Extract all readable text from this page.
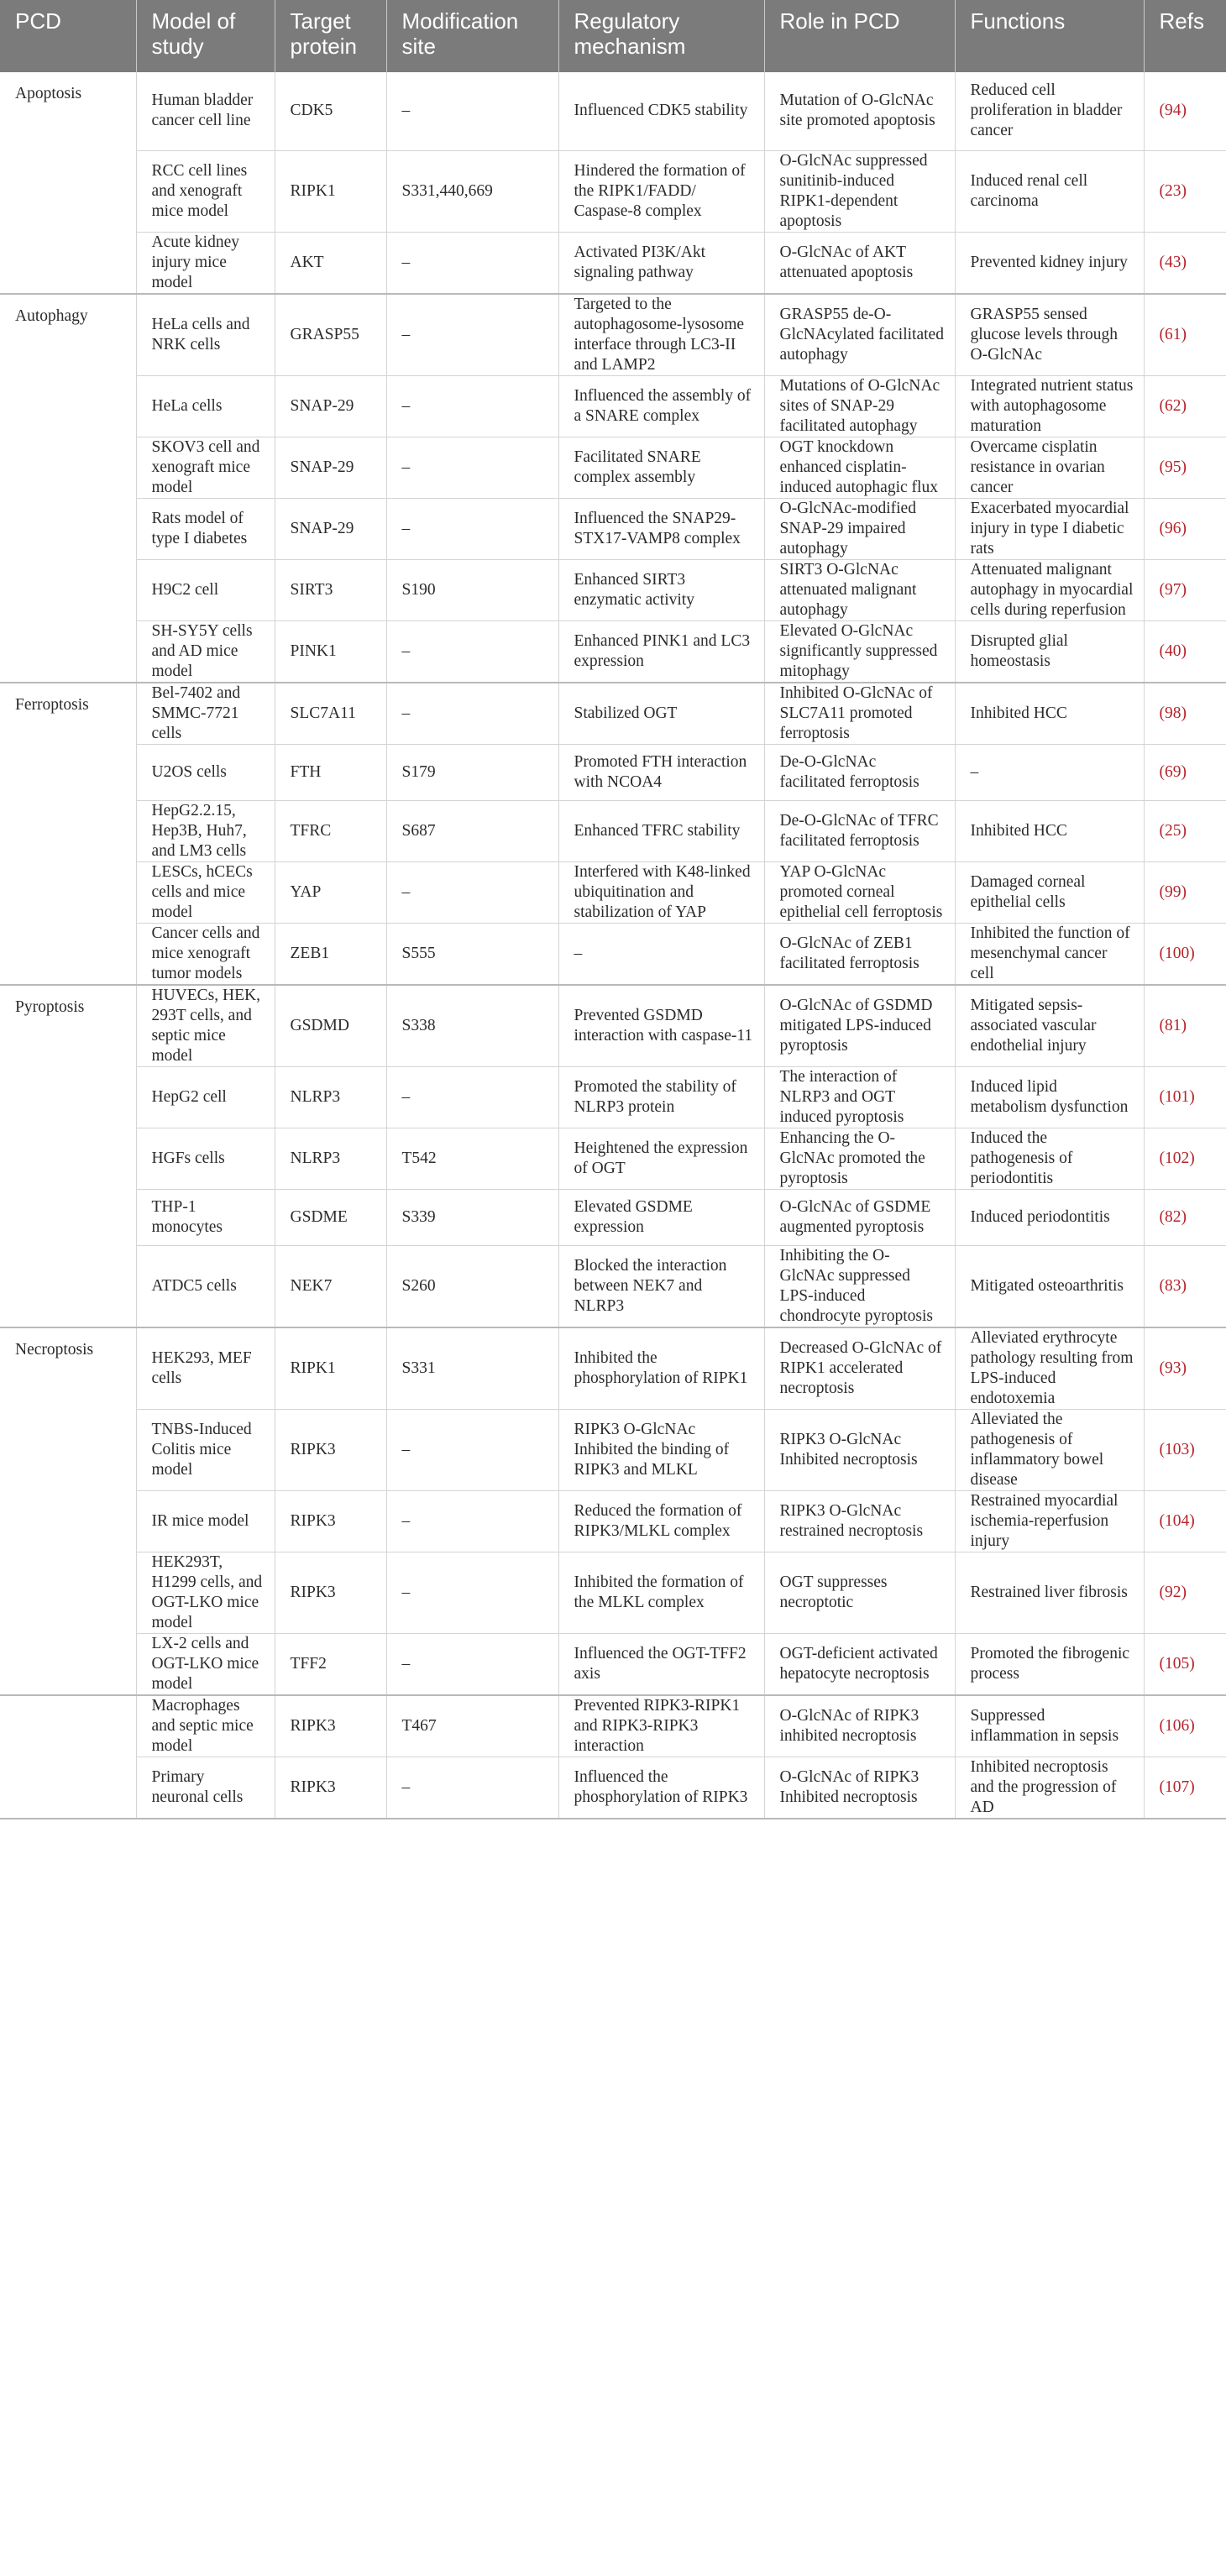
PCD	Model of study	Target protein	Modification site	Regulatory mechanism	Role in PCD	Functions	Refs
Apoptosis	Human bladder cancer cell line	CDK5	–	Influenced CDK5 stability	Mutation of O-GlcNAc site promoted apoptosis	Reduced cell proliferation in bladder cancer	(94)
	RCC cell lines and xenograft mice model	RIPK1	S331,440,669	Hindered the formation of the RIPK1/FADD/ Caspase-8 complex	O-GlcNAc suppressed sunitinib-induced RIPK1-dependent apoptosis	Induced renal cell carcinoma	(23)
	Acute kidney injury mice model	AKT	–	Activated PI3K/Akt signaling pathway	O-GlcNAc of AKT attenuated apoptosis	Prevented kidney injury	(43)
Autophagy	HeLa cells and NRK cells	GRASP55	–	Targeted to the autophagosome-lysosome interface through LC3-II and LAMP2	GRASP55 de-O-GlcNAcylated facilitated autophagy	GRASP55 sensed glucose levels through O-GlcNAc	(61)
	HeLa cells	SNAP-29	–	Influenced the assembly of a SNARE complex	Mutations of O-GlcNAc sites of SNAP-29 facilitated autophagy	Integrated nutrient status with autophagosome maturation	(62)
	SKOV3 cell and xenograft mice model	SNAP-29	–	Facilitated SNARE complex assembly	OGT knockdown enhanced cisplatin-induced autophagic flux	Overcame cisplatin resistance in ovarian cancer	(95)
	Rats model of type I diabetes	SNAP-29	–	Influenced the SNAP29-STX17-VAMP8 complex	O-GlcNAc-modified SNAP-29 impaired autophagy	Exacerbated myocardial injury in type I diabetic rats	(96)
	H9C2 cell	SIRT3	S190	Enhanced SIRT3 enzymatic activity	SIRT3 O-GlcNAc attenuated malignant autophagy	Attenuated malignant autophagy in myocardial cells during reperfusion	(97)
	SH-SY5Y cells and AD mice model	PINK1	–	Enhanced PINK1 and LC3 expression	Elevated O-GlcNAc significantly suppressed mitophagy	Disrupted glial homeostasis	(40)
Ferroptosis	Bel-7402 and SMMC-7721 cells	SLC7A11	–	Stabilized OGT	Inhibited O-GlcNAc of SLC7A11 promoted ferroptosis	Inhibited HCC	(98)
	U2OS cells	FTH	S179	Promoted FTH interaction with NCOA4	De-O-GlcNAc facilitated ferroptosis	–	(69)
	HepG2.2.15, Hep3B, Huh7, and LM3 cells	TFRC	S687	Enhanced TFRC stability	De-O-GlcNAc of TFRC facilitated ferroptosis	Inhibited HCC	(25)
	LESCs, hCECs cells and mice model	YAP	–	Interfered with K48-linked ubiquitination and stabilization of YAP	YAP O-GlcNAc promoted corneal epithelial cell ferroptosis	Damaged corneal epithelial cells	(99)
	Cancer cells and mice xenograft tumor models	ZEB1	S555	–	O-GlcNAc of ZEB1 facilitated ferroptosis	Inhibited the function of mesenchymal cancer cell	(100)
Pyroptosis	HUVECs, HEK, 293T cells, and septic mice model	GSDMD	S338	Prevented GSDMD interaction with caspase-11	O-GlcNAc of GSDMD mitigated LPS-induced pyroptosis	Mitigated sepsis-associated vascular endothelial injury	(81)
	HepG2 cell	NLRP3	–	Promoted the stability of NLRP3 protein	The interaction of NLRP3 and OGT induced pyroptosis	Induced lipid metabolism dysfunction	(101)
	HGFs cells	NLRP3	T542	Heightened the expression of OGT	Enhancing the O-GlcNAc promoted the pyroptosis	Induced the pathogenesis of periodontitis	(102)
	THP-1 monocytes	GSDME	S339	Elevated GSDME expression	O-GlcNAc of GSDME augmented pyroptosis	Induced periodontitis	(82)
	ATDC5 cells	NEK7	S260	Blocked the interaction between NEK7 and NLRP3	Inhibiting the O-GlcNAc suppressed LPS-induced chondrocyte pyroptosis	Mitigated osteoarthritis	(83)
Necroptosis	HEK293, MEF cells	RIPK1	S331	Inhibited the phosphorylation of RIPK1	Decreased O-GlcNAc of RIPK1 accelerated necroptosis	Alleviated erythrocyte pathology resulting from LPS-induced endotoxemia	(93)
	TNBS-Induced Colitis mice model	RIPK3	–	RIPK3 O-GlcNAc Inhibited the binding of RIPK3 and MLKL	RIPK3 O-GlcNAc Inhibited necroptosis	Alleviated the pathogenesis of inflammatory bowel disease	(103)
	IR mice model	RIPK3	–	Reduced the formation of RIPK3/MLKL complex	RIPK3 O-GlcNAc restrained necroptosis	Restrained myocardial ischemia-reperfusion injury	(104)
	HEK293T, H1299 cells, and OGT-LKO mice model	RIPK3	–	Inhibited the formation of the MLKL complex	OGT suppresses necroptotic	Restrained liver fibrosis	(92)
	LX-2 cells and OGT-LKO mice model	TFF2	–	Influenced the OGT-TFF2 axis	OGT-deficient activated hepatocyte necroptosis	Promoted the fibrogenic process	(105)
	Macrophages and septic mice model	RIPK3	T467	Prevented RIPK3-RIPK1 and RIPK3-RIPK3 interaction	O-GlcNAc of RIPK3 inhibited necroptosis	Suppressed inflammation in sepsis	(106)
	Primary neuronal cells	RIPK3	–	Influenced the phosphorylation of RIPK3	O-GlcNAc of RIPK3 Inhibited necroptosis	Inhibited necroptosis and the progression of AD	(107)
